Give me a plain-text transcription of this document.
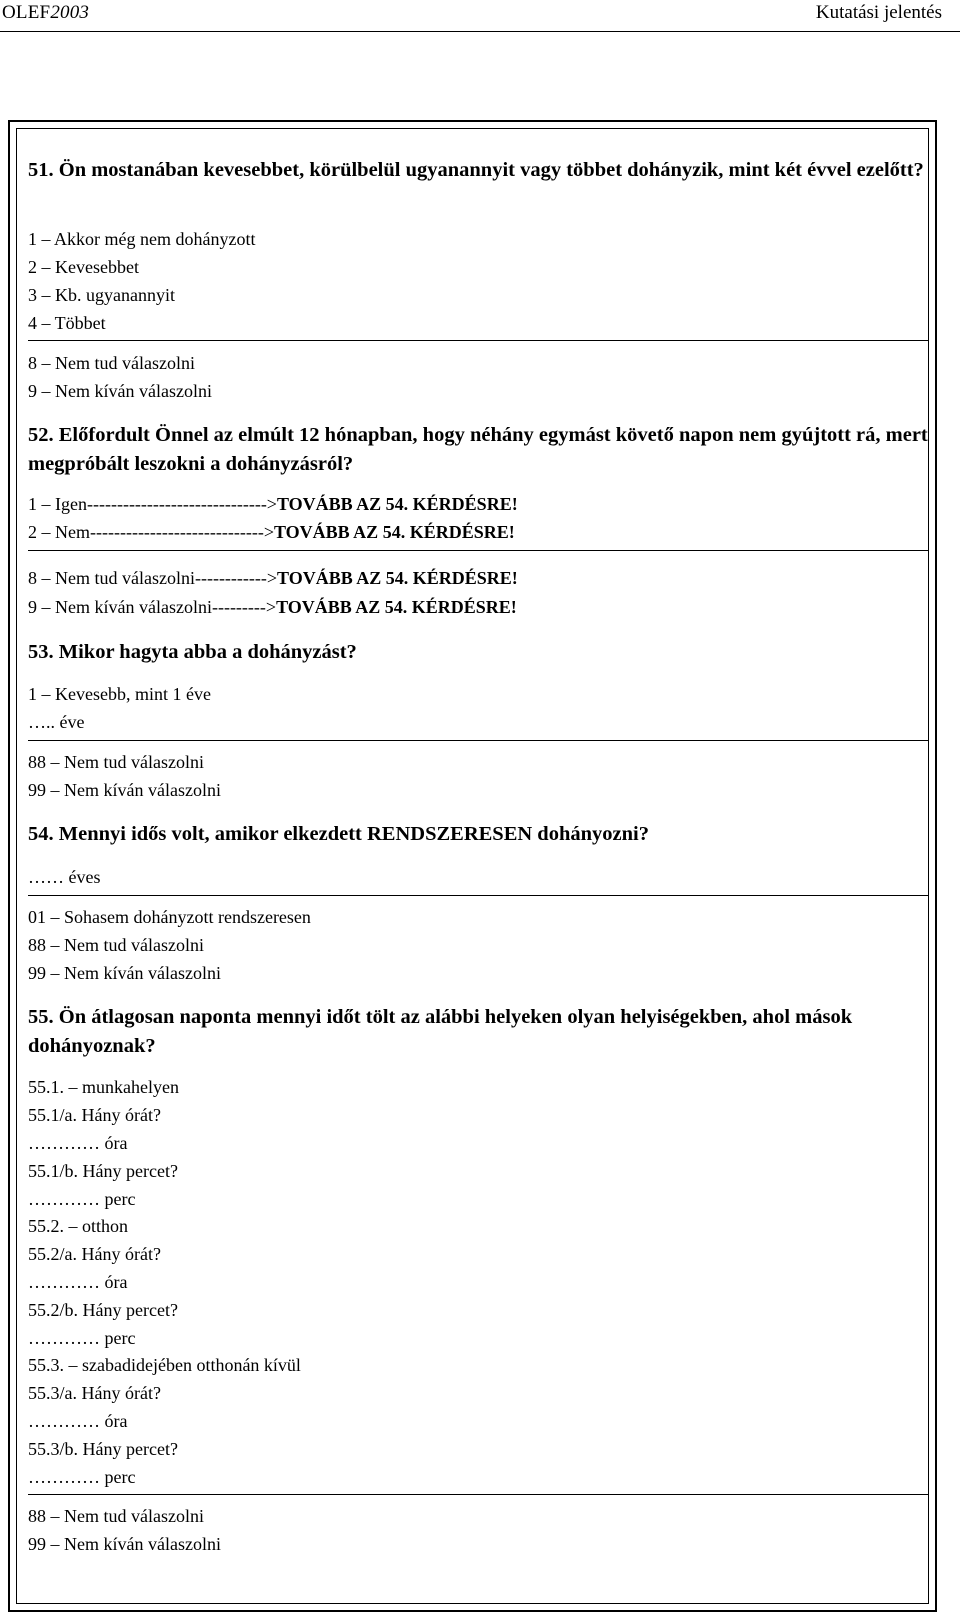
OLEF2003	Kutatási jelentés
51. Ön mostanában kevesebbet, körülbelül ugyanannyit vagy többet dohányzik, mint két évvel ezelőtt?
1 – Akkor még nem dohányzott
2 – Kevesebbet
3 – Kb. ugyanannyit
4 – Többet
8 – Nem tud válaszolni
9 – Nem kíván válaszolni
52. Előfordult Önnel az elmúlt 12 hónapban, hogy néhány egymást követő napon nem gyújtott rá, mert megpróbált leszokni a dohányzásról?
1 – Igen------------------------------>TOVÁBB AZ 54. KÉRDÉSRE!
2 – Nem----------------------------->TOVÁBB AZ 54. KÉRDÉSRE!
8 – Nem tud válaszolni------------>TOVÁBB AZ 54. KÉRDÉSRE!
9 – Nem kíván válaszolni--------->TOVÁBB AZ 54. KÉRDÉSRE!
53. Mikor hagyta abba a dohányzást?
1 – Kevesebb, mint 1 éve
….. éve
88 – Nem tud válaszolni
99 – Nem kíván válaszolni
54. Mennyi idős volt, amikor elkezdett RENDSZERESEN dohányozni?
…… éves
01 – Sohasem dohányzott rendszeresen
88 – Nem tud válaszolni
99 – Nem kíván válaszolni
55. Ön átlagosan naponta mennyi időt tölt az alábbi helyeken olyan helyiségekben, ahol mások dohányoznak?
55.1. – munkahelyen
55.1/a. Hány órát?
………… óra
55.1/b. Hány percet?
………… perc
55.2. – otthon
55.2/a. Hány órát?
………… óra
55.2/b. Hány percet?
………… perc
55.3. – szabadidejében otthonán kívül
55.3/a. Hány órát?
………… óra
55.3/b. Hány percet?
………… perc
88 – Nem tud válaszolni
99 – Nem kíván válaszolni
